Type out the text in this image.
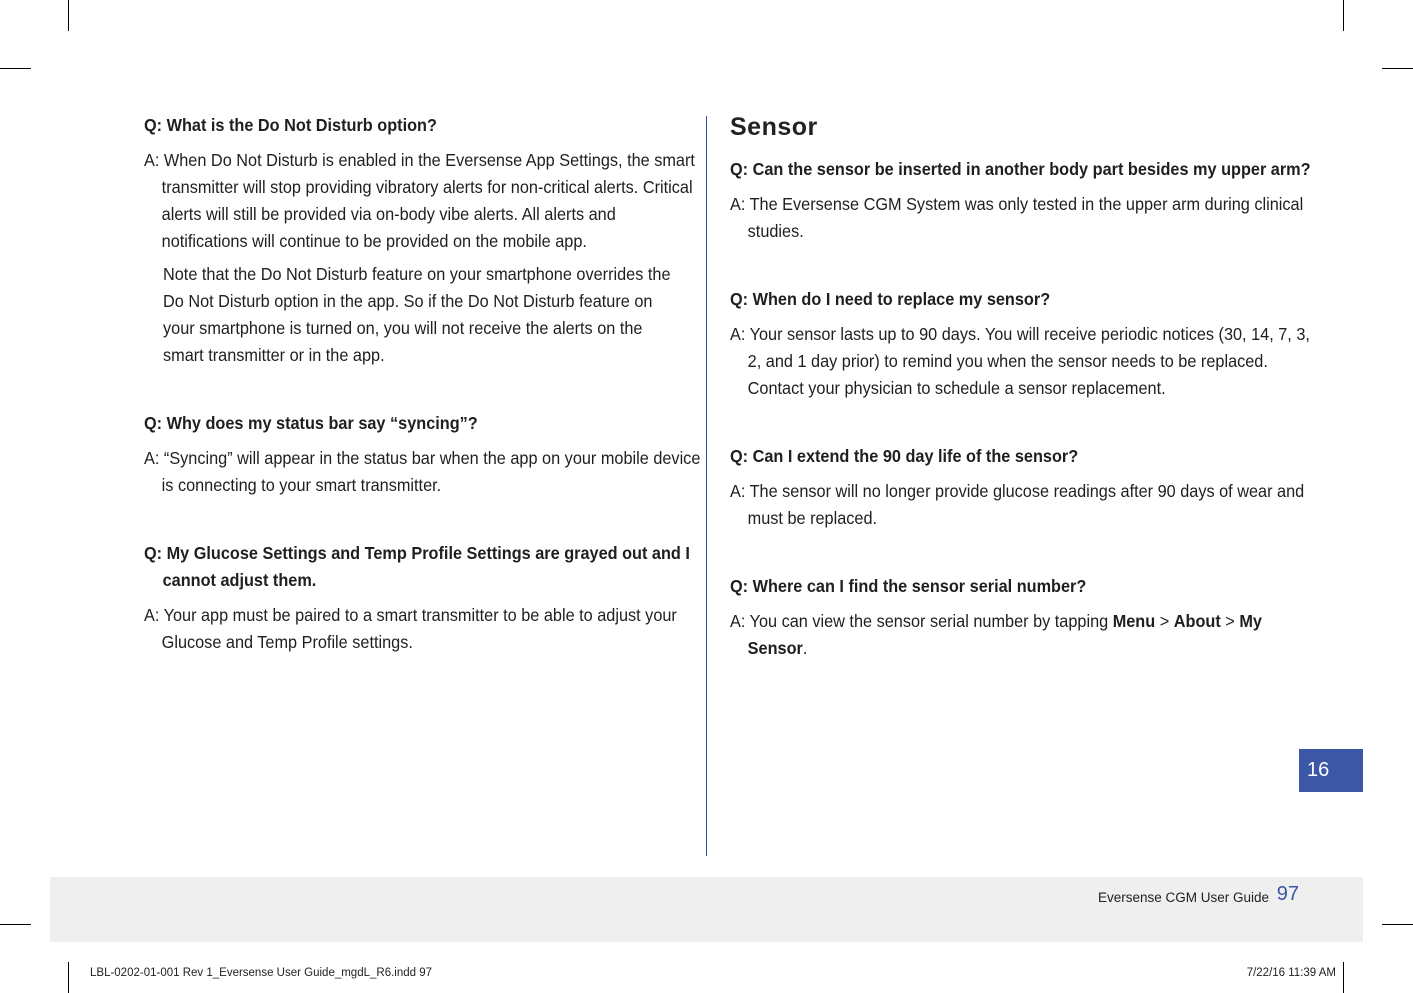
Q: What is the Do Not Disturb option?

A: When Do Not Disturb is enabled in the Eversense App Settings, the smart transmitter will stop providing vibratory alerts for non-critical alerts. Critical alerts will still be provided via on-body vibe alerts. All alerts and notifications will continue to be provided on the mobile app.

Note that the Do Not Disturb feature on your smartphone overrides the Do Not Disturb option in the app. So if the Do Not Disturb feature on your smartphone is turned on, you will not receive the alerts on the smart transmitter or in the app.

Q: Why does my status bar say “syncing”?

A: “Syncing” will appear in the status bar when the app on your mobile device is connecting to your smart transmitter.

Q: My Glucose Settings and Temp Profile Settings are grayed out and I cannot adjust them.

A: Your app must be paired to a smart transmitter to be able to adjust your Glucose and Temp Profile settings.

Sensor

Q: Can the sensor be inserted in another body part besides my upper arm?

A: The Eversense CGM System was only tested in the upper arm during clinical studies.

Q: When do I need to replace my sensor?

A: Your sensor lasts up to 90 days. You will receive periodic notices (30, 14, 7, 3, 2, and 1 day prior) to remind you when the sensor needs to be replaced. Contact your physician to schedule a sensor replacement.

Q: Can I extend the 90 day life of the sensor?

A: The sensor will no longer provide glucose readings after 90 days of wear and must be replaced.

Q: Where can I find the sensor serial number?

A: You can view the sensor serial number by tapping Menu > About > My Sensor.

16
Eversense CGM User Guide 97
LBL-0202-01-001 Rev 1_Eversense User Guide_mgdL_R6.indd 97	7/22/16 11:39 AM
